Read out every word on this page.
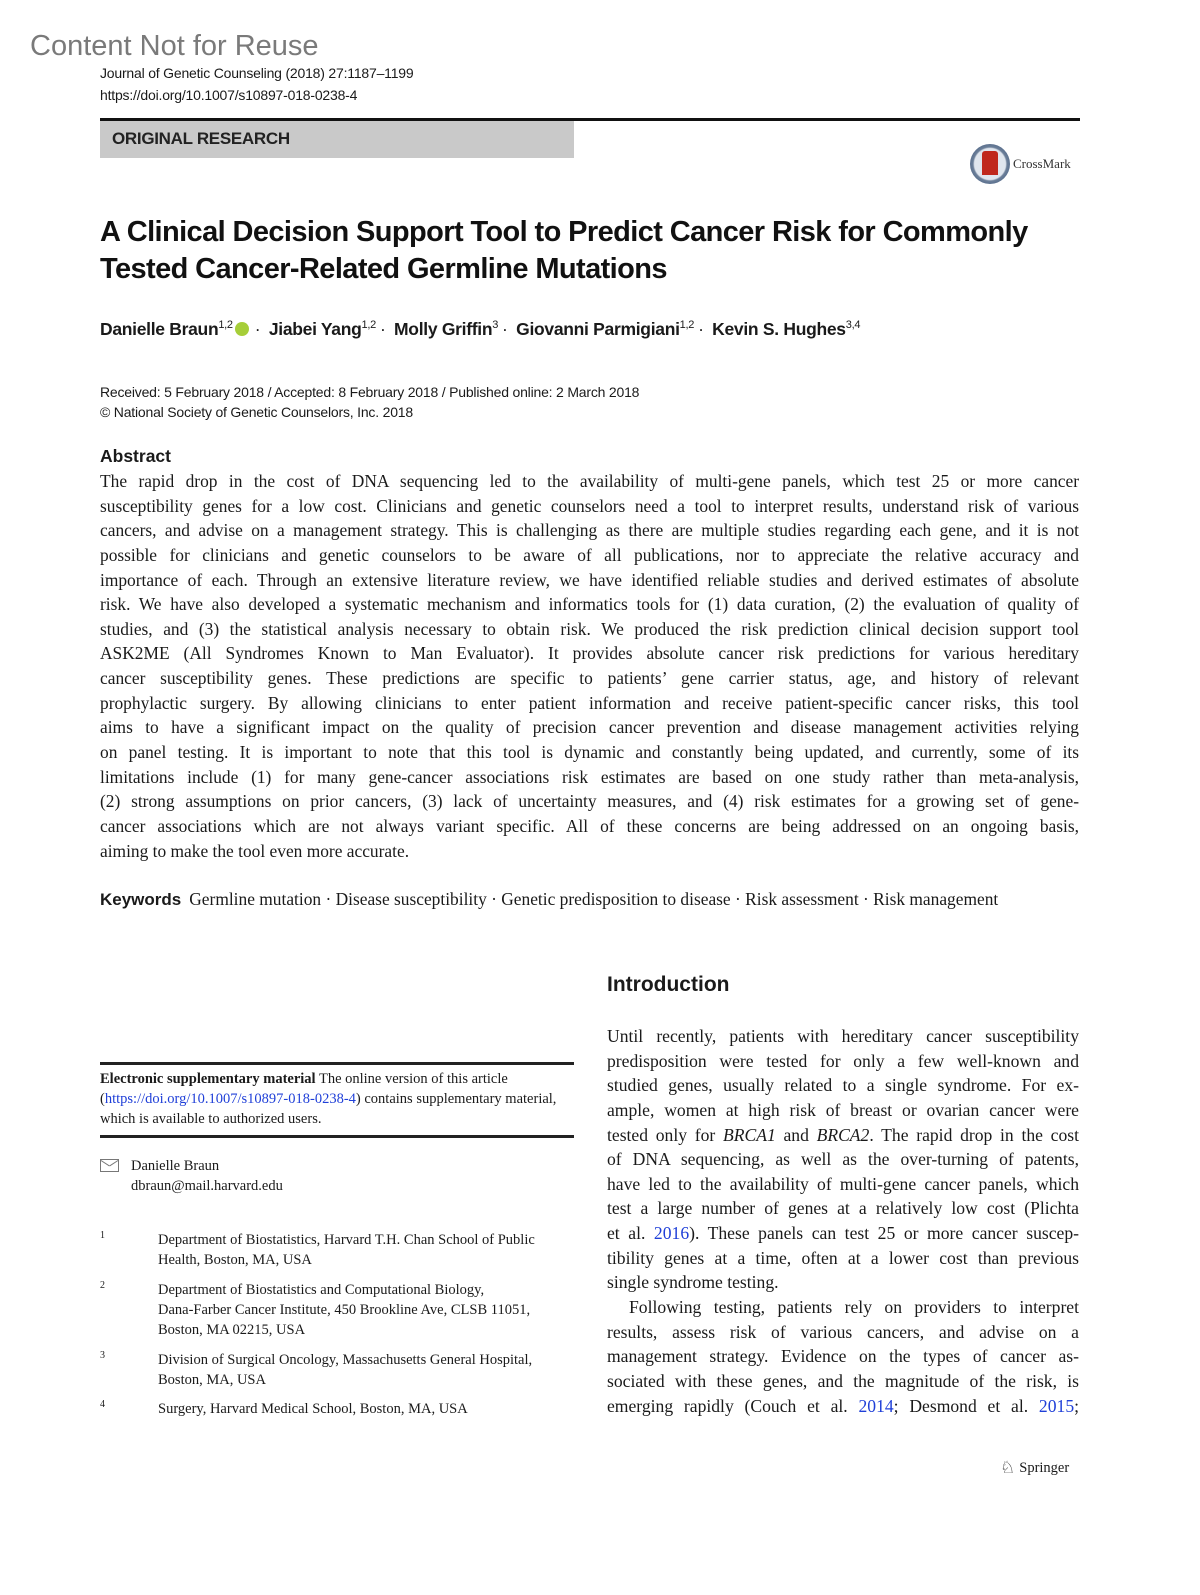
Content Not for Reuse
Journal of Genetic Counseling (2018) 27:1187–1199
https://doi.org/10.1007/s10897-018-0238-4
ORIGINAL RESEARCH
CrossMark
A Clinical Decision Support Tool to Predict Cancer Risk for Commonly Tested Cancer-Related Germline Mutations
Danielle Braun$^{1,2}$ · Jiabei Yang$^{1,2}$ · Molly Griffin$^3$ · Giovanni Parmigiani$^{1,2}$ · Kevin S. Hughes$^{3,4}$
Received: 5 February 2018 / Accepted: 8 February 2018 / Published online: 2 March 2018
© National Society of Genetic Counselors, Inc. 2018
Abstract
The rapid drop in the cost of DNA sequencing led to the availability of multi-gene panels, which test 25 or more cancer
susceptibility genes for a low cost. Clinicians and genetic counselors need a tool to interpret results, understand risk of various
cancers, and advise on a management strategy. This is challenging as there are multiple studies regarding each gene, and it is not
possible for clinicians and genetic counselors to be aware of all publications, nor to appreciate the relative accuracy and
importance of each. Through an extensive literature review, we have identified reliable studies and derived estimates of absolute
risk. We have also developed a systematic mechanism and informatics tools for (1) data curation, (2) the evaluation of quality of
studies, and (3) the statistical analysis necessary to obtain risk. We produced the risk prediction clinical decision support tool
ASK2ME (All Syndromes Known to Man Evaluator). It provides absolute cancer risk predictions for various hereditary
cancer susceptibility genes. These predictions are specific to patients’ gene carrier status, age, and history of relevant
prophylactic surgery. By allowing clinicians to enter patient information and receive patient-specific cancer risks, this tool
aims to have a significant impact on the quality of precision cancer prevention and disease management activities relying
on panel testing. It is important to note that this tool is dynamic and constantly being updated, and currently, some of its
limitations include (1) for many gene-cancer associations risk estimates are based on one study rather than meta-analysis,
(2) strong assumptions on prior cancers, (3) lack of uncertainty measures, and (4) risk estimates for a growing set of gene-
cancer associations which are not always variant specific. All of these concerns are being addressed on an ongoing basis,
aiming to make the tool even more accurate.
Keywords Germline mutation · Disease susceptibility · Genetic predisposition to disease · Risk assessment · Risk management
Introduction
Until recently, patients with hereditary cancer susceptibility
predisposition were tested for only a few well-known and
studied genes, usually related to a single syndrome. For ex-
ample, women at high risk of breast or ovarian cancer were
tested only for BRCA1 and BRCA2. The rapid drop in the cost
of DNA sequencing, as well as the over-turning of patents,
have led to the availability of multi-gene cancer panels, which
test a large number of genes at a relatively low cost (Plichta
et al. 2016). These panels can test 25 or more cancer suscep-
tibility genes at a time, often at a lower cost than previous
single syndrome testing.
Following testing, patients rely on providers to interpret
results, assess risk of various cancers, and advise on a
management strategy. Evidence on the types of cancer as-
sociated with these genes, and the magnitude of the risk, is
emerging rapidly (Couch et al. 2014; Desmond et al. 2015;
Electronic supplementary material The online version of this article (https://doi.org/10.1007/s10897-018-0238-4) contains supplementary material, which is available to authorized users.
Danielle Braun
dbraun@mail.harvard.edu
1	Department of Biostatistics, Harvard T.H. Chan School of Public
Health, Boston, MA, USA
2	Department of Biostatistics and Computational Biology,
Dana-Farber Cancer Institute, 450 Brookline Ave, CLSB 11051,
Boston, MA 02215, USA
3	Division of Surgical Oncology, Massachusetts General Hospital,
Boston, MA, USA
4	Surgery, Harvard Medical School, Boston, MA, USA
♘ Springer
